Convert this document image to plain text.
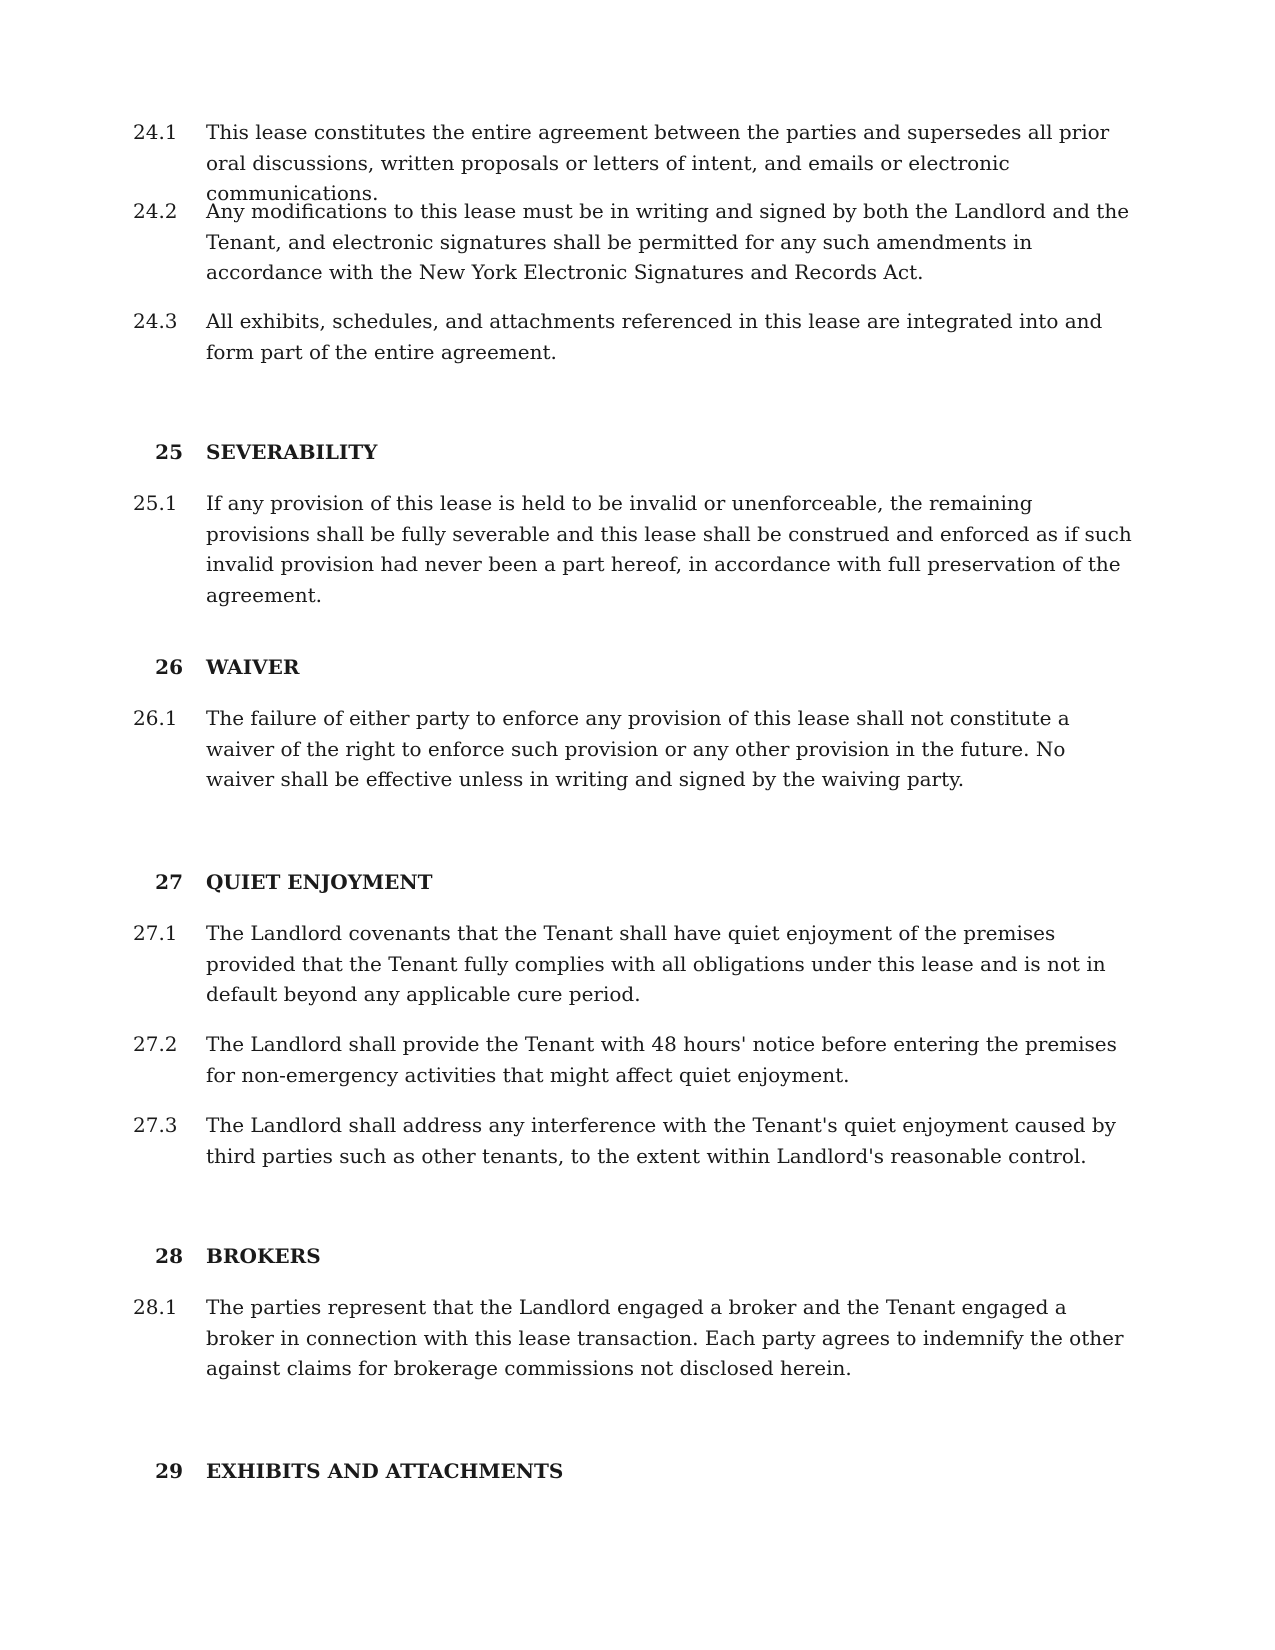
24.1	This lease constitutes the entire agreement between the parties and supersedes all prior oral discussions, written proposals or letters of intent, and emails or electronic communications.
24.2	Any modifications to this lease must be in writing and signed by both the Landlord and the Tenant, and electronic signatures shall be permitted for any such amendments in accordance with the New York Electronic Signatures and Records Act.
24.3	All exhibits, schedules, and attachments referenced in this lease are integrated into and form part of the entire agreement.
25 SEVERABILITY
25.1	If any provision of this lease is held to be invalid or unenforceable, the remaining provisions shall be fully severable and this lease shall be construed and enforced as if such invalid provision had never been a part hereof, in accordance with full preservation of the agreement.
26 WAIVER
26.1	The failure of either party to enforce any provision of this lease shall not constitute a waiver of the right to enforce such provision or any other provision in the future. No waiver shall be effective unless in writing and signed by the waiving party.
27 QUIET ENJOYMENT
27.1	The Landlord covenants that the Tenant shall have quiet enjoyment of the premises provided that the Tenant fully complies with all obligations under this lease and is not in default beyond any applicable cure period.
27.2	The Landlord shall provide the Tenant with 48 hours' notice before entering the premises for non-emergency activities that might affect quiet enjoyment.
27.3	The Landlord shall address any interference with the Tenant's quiet enjoyment caused by third parties such as other tenants, to the extent within Landlord's reasonable control.
28 BROKERS
28.1	The parties represent that the Landlord engaged a broker and the Tenant engaged a broker in connection with this lease transaction. Each party agrees to indemnify the other against claims for brokerage commissions not disclosed herein.
29 EXHIBITS AND ATTACHMENTS
